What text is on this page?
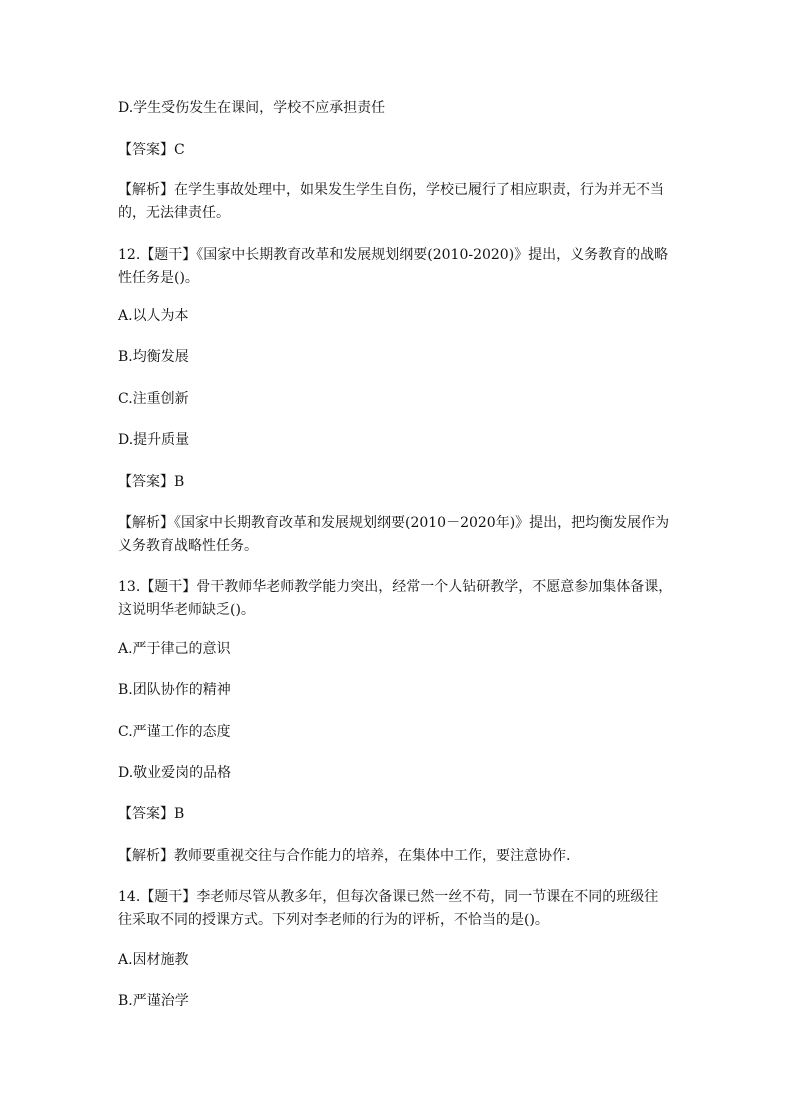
D.学生受伤发生在课间，学校不应承担责任
【答案】C
【解析】在学生事故处理中，如果发生学生自伤，学校已履行了相应职责，行为并无不当
的，无法律责任。
12.【题干】《国家中长期教育改革和发展规划纲要(2010-2020)》提出，义务教育的战略
性任务是()。
A.以人为本
B.均衡发展
C.注重创新
D.提升质量
【答案】B
【解析】《国家中长期教育改革和发展规划纲要(2010－2020年)》提出，把均衡发展作为
义务教育战略性任务。
13.【题干】骨干教师华老师教学能力突出，经常一个人钻研教学，不愿意参加集体备课，
这说明华老师缺乏()。
A.严于律己的意识
B.团队协作的精神
C.严谨工作的态度
D.敬业爱岗的品格
【答案】B
【解析】教师要重视交往与合作能力的培养，在集体中工作，要注意协作.
14.【题干】李老师尽管从教多年，但每次备课已然一丝不苟，同一节课在不同的班级往
往采取不同的授课方式。下列对李老师的行为的评析，不恰当的是()。
A.因材施教
B.严谨治学
